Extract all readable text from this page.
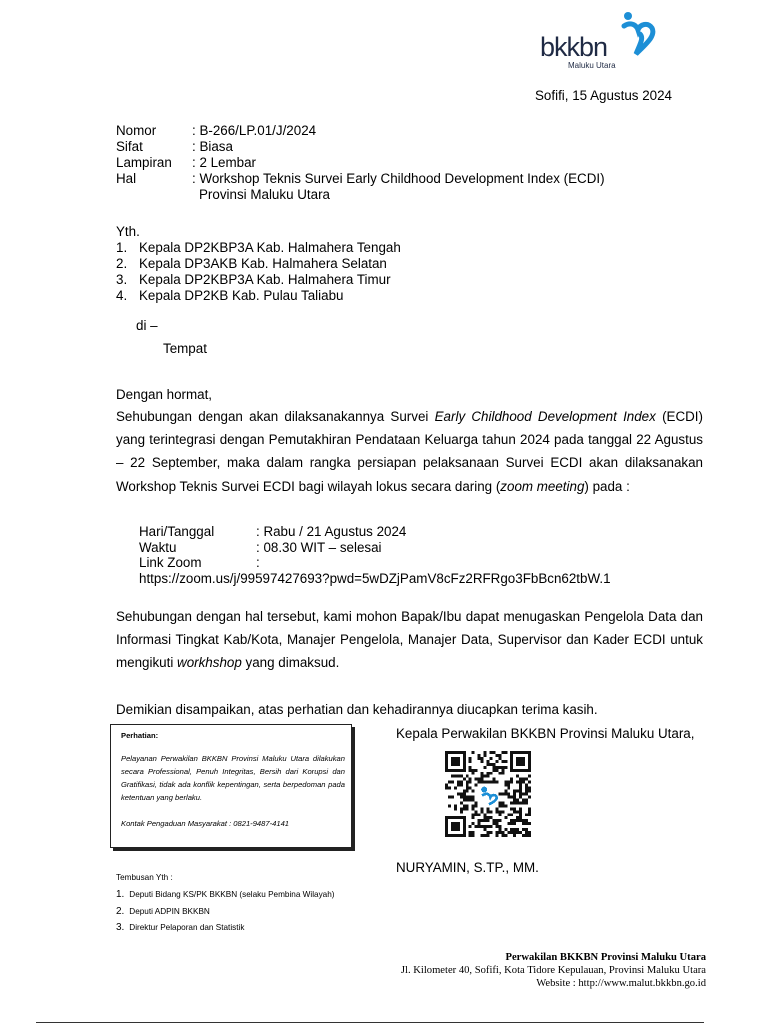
bkkbn
Maluku Utara
Sofifi, 15 Agustus 2024
Nomor	: B-266/LP.01/J/2024
Sifat	: Biasa
Lampiran : 2 Lembar
Hal	: Workshop Teknis Survei Early Childhood Development Index (ECDI)
Provinsi Maluku Utara
Yth.
1. Kepala DP2KBP3A Kab. Halmahera Tengah
2. Kepala DP3AKB Kab. Halmahera Selatan
3. Kepala DP2KBP3A Kab. Halmahera Timur
4. Kepala DP2KB Kab. Pulau Taliabu
di –
Tempat
Dengan hormat,
Sehubungan dengan akan dilaksanakannya Survei Early Childhood Development Index (ECDI) yang terintegrasi dengan Pemutakhiran Pendataan Keluarga tahun 2024 pada tanggal 22 Agustus – 22 September, maka dalam rangka persiapan pelaksanaan Survei ECDI akan dilaksanakan Workshop Teknis Survei ECDI bagi wilayah lokus secara daring (zoom meeting) pada :
Hari/Tanggal	: Rabu / 21 Agustus 2024
Waktu	: 08.30 WIT – selesai
Link Zoom	:
https://zoom.us/j/99597427693?pwd=5wDZjPamV8cFz2RFRgo3FbBcn62tbW.1
Sehubungan dengan hal tersebut, kami mohon Bapak/Ibu dapat menugaskan Pengelola Data dan Informasi Tingkat Kab/Kota, Manajer Pengelola, Manajer Data, Supervisor dan Kader ECDI untuk mengikuti workhshop yang dimaksud.
Demikian disampaikan, atas perhatian dan kehadirannya diucapkan terima kasih.
Perhatian:
Pelayanan Perwakilan BKKBN Provinsi Maluku Utara dilakukan secara Professional, Penuh Integritas, Bersih dari Korupsi dan Gratifikasi, tidak ada konflik kepentingan, serta berpedoman pada ketentuan yang berlaku.
Kontak Pengaduan Masyarakat : 0821-9487-4141
Kepala Perwakilan BKKBN Provinsi Maluku Utara,
NURYAMIN, S.TP., MM.
Tembusan Yth :
1. Deputi Bidang KS/PK BKKBN (selaku Pembina Wilayah)
2. Deputi ADPIN BKKBN
3. Direktur Pelaporan dan Statistik
Perwakilan BKKBN Provinsi Maluku Utara
Jl. Kilometer 40, Sofifi, Kota Tidore Kepulauan, Provinsi Maluku Utara
Website : http://www.malut.bkkbn.go.id
